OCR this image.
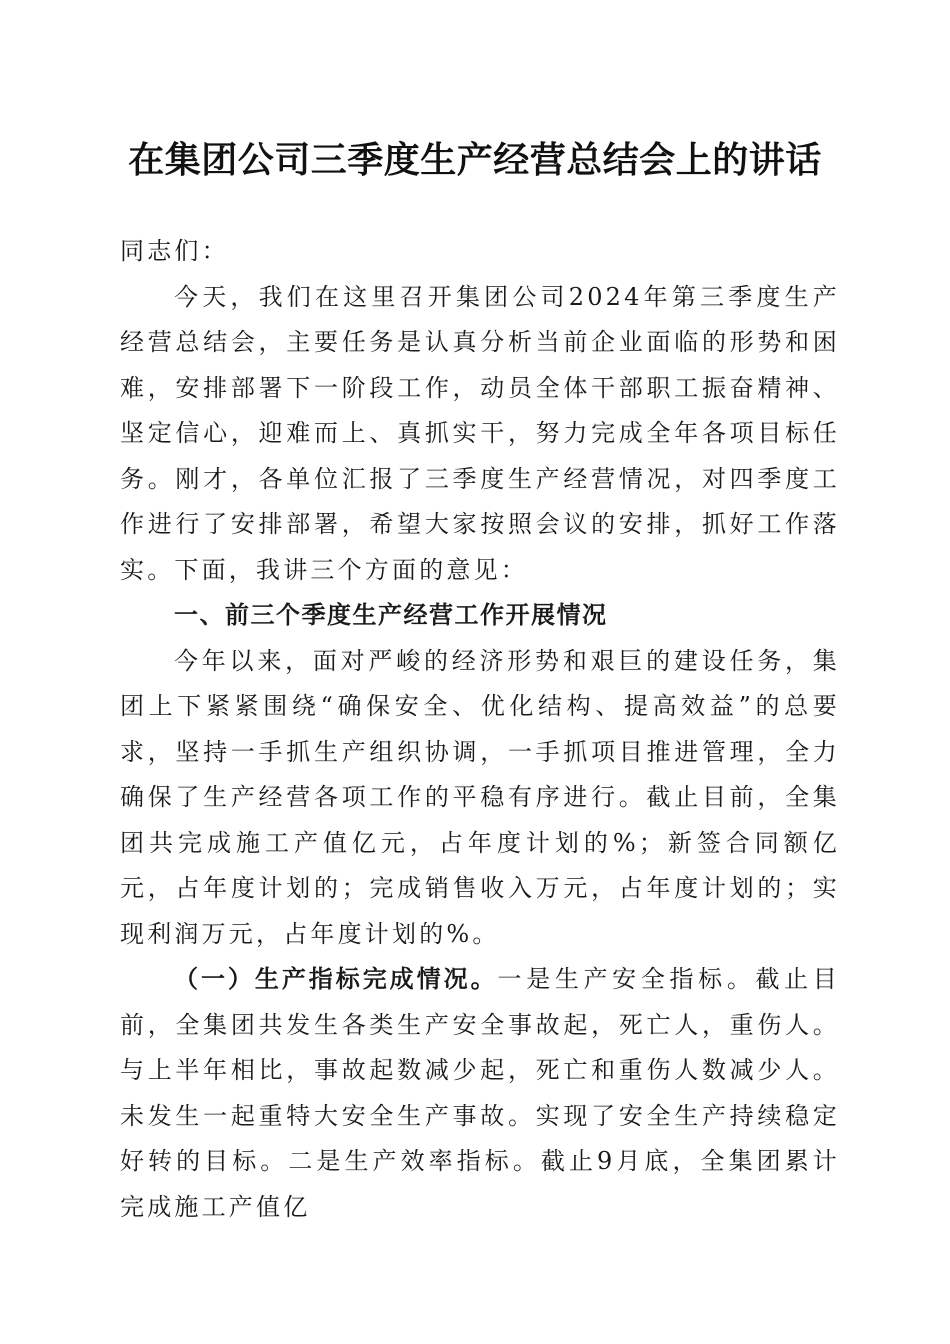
在集团公司三季度生产经营总结会上的讲话

同志们：

今天，我们在这里召开集团公司2024年第三季度生产经营总结会，主要任务是认真分析当前企业面临的形势和困难，安排部署下一阶段工作，动员全体干部职工振奋精神、坚定信心，迎难而上、真抓实干，努力完成全年各项目标任务。刚才，各单位汇报了三季度生产经营情况，对四季度工作进行了安排部署，希望大家按照会议的安排，抓好工作落实。下面，我讲三个方面的意见：

一、前三个季度生产经营工作开展情况

今年以来，面对严峻的经济形势和艰巨的建设任务，集团上下紧紧围绕“确保安全、优化结构、提高效益”的总要求，坚持一手抓生产组织协调，一手抓项目推进管理，全力确保了生产经营各项工作的平稳有序进行。截止目前，全集团共完成施工产值亿元，占年度计划的%；新签合同额亿元，占年度计划的；完成销售收入万元，占年度计划的；实现利润万元，占年度计划的%。

（一）生产指标完成情况。一是生产安全指标。截止目前，全集团共发生各类生产安全事故起，死亡人，重伤人。与上半年相比，事故起数减少起，死亡和重伤人数减少人。未发生一起重特大安全生产事故。实现了安全生产持续稳定好转的目标。二是生产效率指标。截止9月底，全集团累计完成施工产值亿
